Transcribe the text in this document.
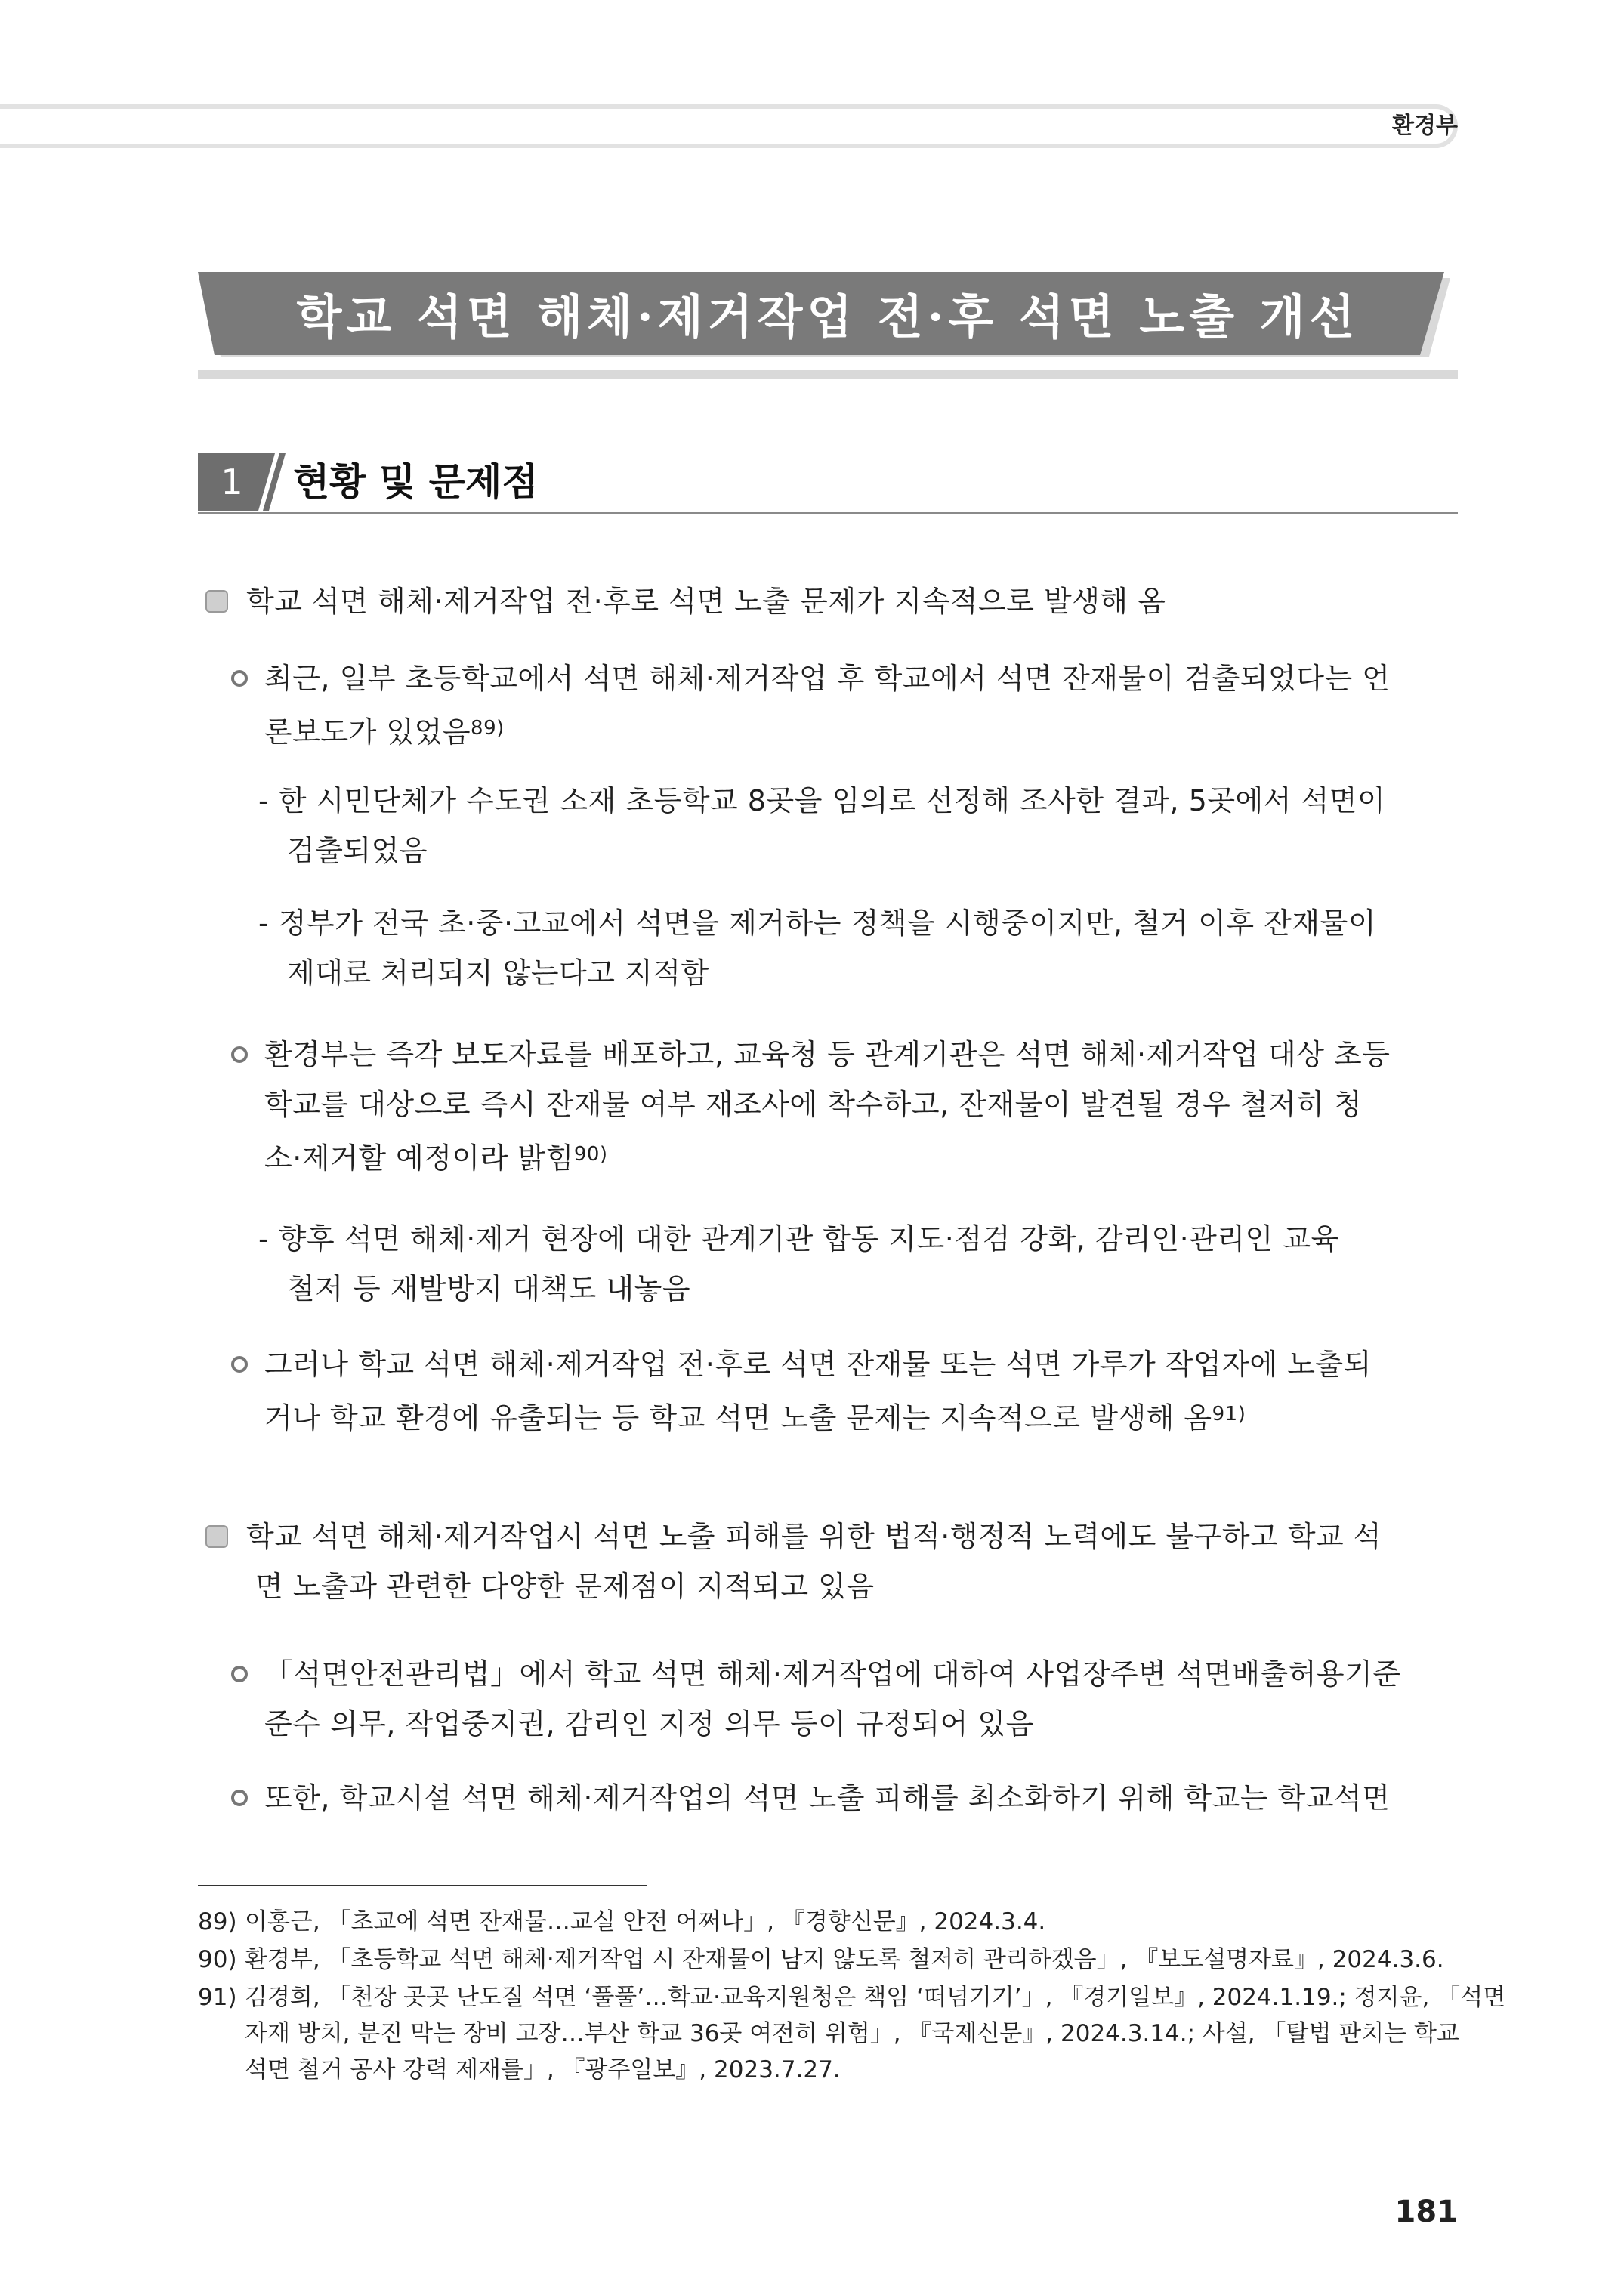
환경부
학교 석면 해체·제거작업 전·후 석면 노출 개선
1	현황 및 문제점
학교 석면 해체·제거작업 전·후로 석면 노출 문제가 지속적으로 발생해 옴
최근, 일부 초등학교에서 석면 해체·제거작업 후 학교에서 석면 잔재물이 검출되었다는 언
론보도가 있었음$^{89)}$
- 한 시민단체가 수도권 소재 초등학교 8곳을 임의로 선정해 조사한 결과, 5곳에서 석면이
검출되었음
- 정부가 전국 초·중·고교에서 석면을 제거하는 정책을 시행중이지만, 철거 이후 잔재물이
제대로 처리되지 않는다고 지적함
환경부는 즉각 보도자료를 배포하고, 교육청 등 관계기관은 석면 해체·제거작업 대상 초등
학교를 대상으로 즉시 잔재물 여부 재조사에 착수하고, 잔재물이 발견될 경우 철저히 청
소·제거할 예정이라 밝힘$^{90)}$
- 향후 석면 해체·제거 현장에 대한 관계기관 합동 지도·점검 강화, 감리인·관리인 교육
철저 등 재발방지 대책도 내놓음
그러나 학교 석면 해체·제거작업 전·후로 석면 잔재물 또는 석면 가루가 작업자에 노출되
거나 학교 환경에 유출되는 등 학교 석면 노출 문제는 지속적으로 발생해 옴$^{91)}$
학교 석면 해체·제거작업시 석면 노출 피해를 위한 법적·행정적 노력에도 불구하고 학교 석
면 노출과 관련한 다양한 문제점이 지적되고 있음
「석면안전관리법」에서 학교 석면 해체·제거작업에 대하여 사업장주변 석면배출허용기준
준수 의무, 작업중지권, 감리인 지정 의무 등이 규정되어 있음
또한, 학교시설 석면 해체·제거작업의 석면 노출 피해를 최소화하기 위해 학교는 학교석면
89) 이홍근, 「초교에 석면 잔재물…교실 안전 어쩌나」, 『경향신문』, 2024.3.4.
90) 환경부, 「초등학교 석면 해체·제거작업 시 잔재물이 남지 않도록 철저히 관리하겠음」, 『보도설명자료』, 2024.3.6.
91) 김경희, 「천장 곳곳 난도질 석면 ‘풀풀’…학교·교육지원청은 책임 ‘떠넘기기’」, 『경기일보』, 2024.1.19.; 정지윤, 「석면
자재 방치, 분진 막는 장비 고장…부산 학교 36곳 여전히 위험」, 『국제신문』, 2024.3.14.; 사설, 「탈법 판치는 학교
석면 철거 공사 강력 제재를」, 『광주일보』, 2023.7.27.
181
